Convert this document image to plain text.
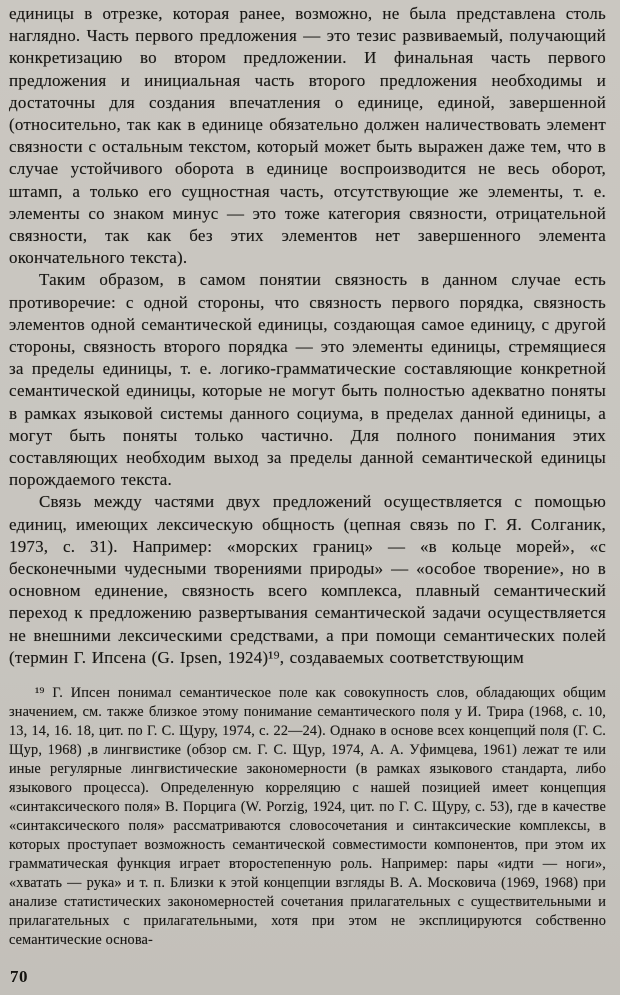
единицы в отрезке, которая ранее, возможно, не была представлена столь наглядно. Часть первого предложения — это тезис развиваемый, получающий конкретизацию во втором предложении. И финальная часть первого предложения и инициальная часть второго предложения необходимы и достаточны для создания впечатления о единице, единой, завершенной (относительно, так как в единице обязательно должен наличествовать элемент связности с остальным текстом, который может быть выражен даже тем, что в случае устойчивого оборота в единице воспроизводится не весь оборот, штамп, а только его сущностная часть, отсутствующие же элементы, т. е. элементы со знаком минус — это тоже категория связности, отрицательной связности, так как без этих элементов нет завершенного элемента окончательного текста).

Таким образом, в самом понятии связность в данном случае есть противоречие: с одной стороны, что связность первого порядка, связность элементов одной семантической единицы, создающая самое единицу, с другой стороны, связность второго порядка — это элементы единицы, стремящиеся за пределы единицы, т. е. логико-грамматические составляющие конкретной семантической единицы, которые не могут быть полностью адекватно поняты в рамках языковой системы данного социума, в пределах данной единицы, а могут быть поняты только частично. Для полного понимания этих составляющих необходим выход за пределы данной семантической единицы порождаемого текста.

Связь между частями двух предложений осуществляется с помощью единиц, имеющих лексическую общность (цепная связь по Г. Я. Солганик, 1973, с. 31). Например: «морских границ» — «в кольце морей», «с бесконечными чудесными творениями природы» — «особое творение», но в основном единение, связность всего комплекса, плавный семантический переход к предложению развертывания семантической задачи осуществляется не внешними лексическими средствами, а при помощи семантических полей (термин Г. Ипсена (G. Ipsen, 1924)¹⁹, создаваемых соответствующим

¹⁹ Г. Ипсен понимал семантическое поле как совокупность слов, обладающих общим значением, см. также близкое этому понимание семантического поля у И. Трира (1968, с. 10, 13, 14, 16. 18, цит. по Г. С. Щуру, 1974, с. 22—24). Однако в основе всех концепций поля (Г. С. Щур, 1968) ,в лингвистике (обзор см. Г. С. Щур, 1974, А. А. Уфимцева, 1961) лежат те или иные регулярные лингвистические закономерности (в рамках языкового стандарта, либо языкового процесса). Определенную корреляцию с нашей позицией имеет концепция «синтаксического поля» В. Порцига (W. Porzig, 1924, цит. по Г. С. Щуру, с. 53), где в качестве «синтаксического поля» рассматриваются словосочетания и синтаксические комплексы, в которых проступает возможность семантической совместимости компонентов, при этом их грамматическая функция играет второстепенную роль. Например: пары «идти — ноги», «хватать — рука» и т. п. Близки к этой концепции взгляды В. А. Московича (1969, 1968) при анализе статистических закономерностей сочетания прилагательных с существительными и прилагательных с прилагательными, хотя при этом не эксплицируются собственно семантические основа-

70
